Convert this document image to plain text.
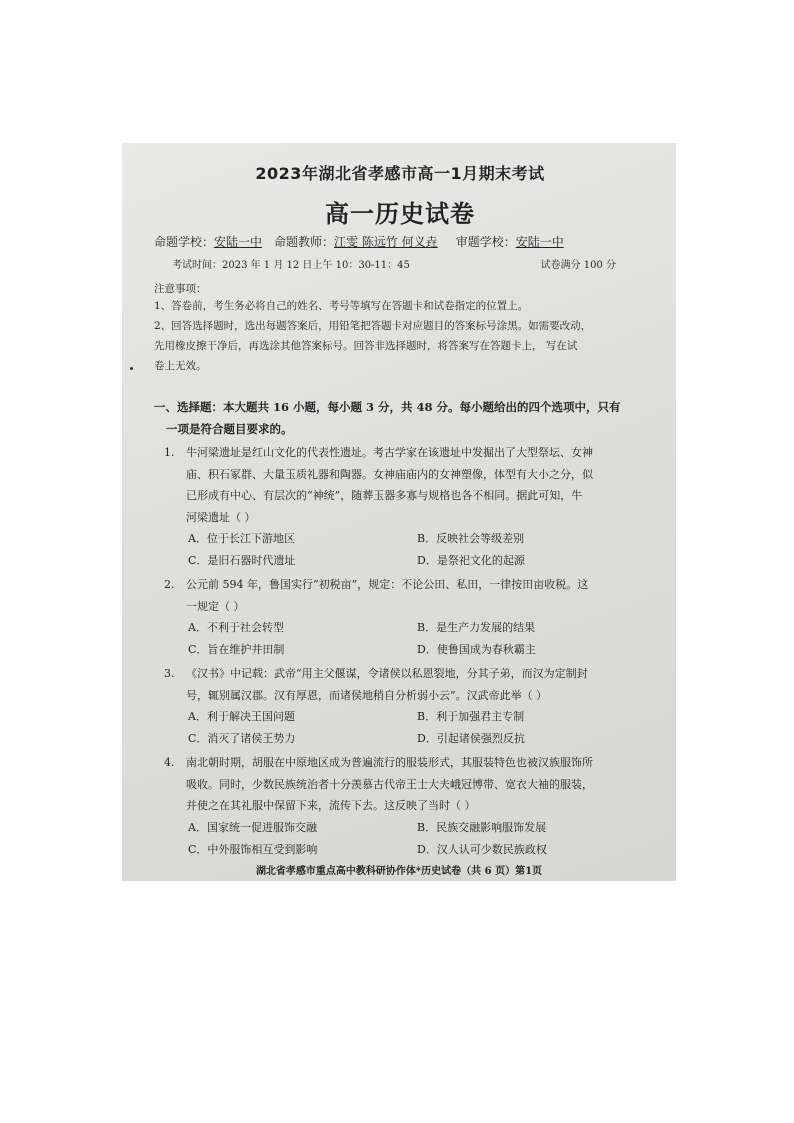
2023年湖北省孝感市高一1月期末考试
高一历史试卷
命题学校： 安陆一中 命题教师： 江雯 陈远竹 何义垚 审题学校： 安陆一中
考试时间：2023 年 1 月 12 日上午 10：30-11：45	试卷满分 100 分
注意事项：
1、答卷前，考生务必将自己的姓名、考号等填写在答题卡和试卷指定的位置上。
2、回答选择题时，选出每题答案后，用铅笔把答题卡对应题目的答案标号涂黑。如需要改动，
先用橡皮擦干净后，再选涂其他答案标号。回答非选择题时，将答案写在答题卡上， 写在试
卷上无效。
一、选择题：本大题共 16 小题，每小题 3 分，共 48 分。每小题给出的四个选项中，只有
一项是符合题目要求的。
1.	牛河梁遗址是红山文化的代表性遗址。考古学家在该遗址中发掘出了大型祭坛、女神
庙、积石冢群、大量玉质礼器和陶器。女神庙庙内的女神塑像，体型有大小之分，似
已形成有中心、有层次的“神统”，随葬玉器多寡与规格也各不相同。据此可知，牛
河梁遗址（ ）
A．位于长江下游地区	B．反映社会等级差别
C．是旧石器时代遗址	D．是祭祀文化的起源
2.	公元前 594 年，鲁国实行“初税亩”，规定：不论公田、私田，一律按田亩收税。这
一规定（ ）
A．不利于社会转型	B．是生产力发展的结果
C．旨在维护井田制	D．使鲁国成为春秋霸主
3.	《汉书》中记载：武帝“用主父偃谋，令诸侯以私恩裂地，分其子弟，而汉为定制封
号，辄别属汉郡。汉有厚恩，而诸侯地稍自分析弱小云”。汉武帝此举（ ）
A．利于解决王国问题	B．利于加强君主专制
C．消灭了诸侯王势力	D．引起诸侯强烈反抗
4.	南北朝时期，胡服在中原地区成为普遍流行的服装形式，其服装特色也被汉族服饰所
吸收。同时，少数民族统治者十分羡慕古代帝王士大夫峨冠博带、宽衣大袖的服装，
并使之在其礼服中保留下来，流传下去。这反映了当时（ ）
A．国家统一促进服饰交融	B．民族交融影响服饰发展
C．中外服饰相互受到影响	D．汉人认可少数民族政权
湖北省孝感市重点高中教科研协作体*历史试卷（共 6 页）第1页
